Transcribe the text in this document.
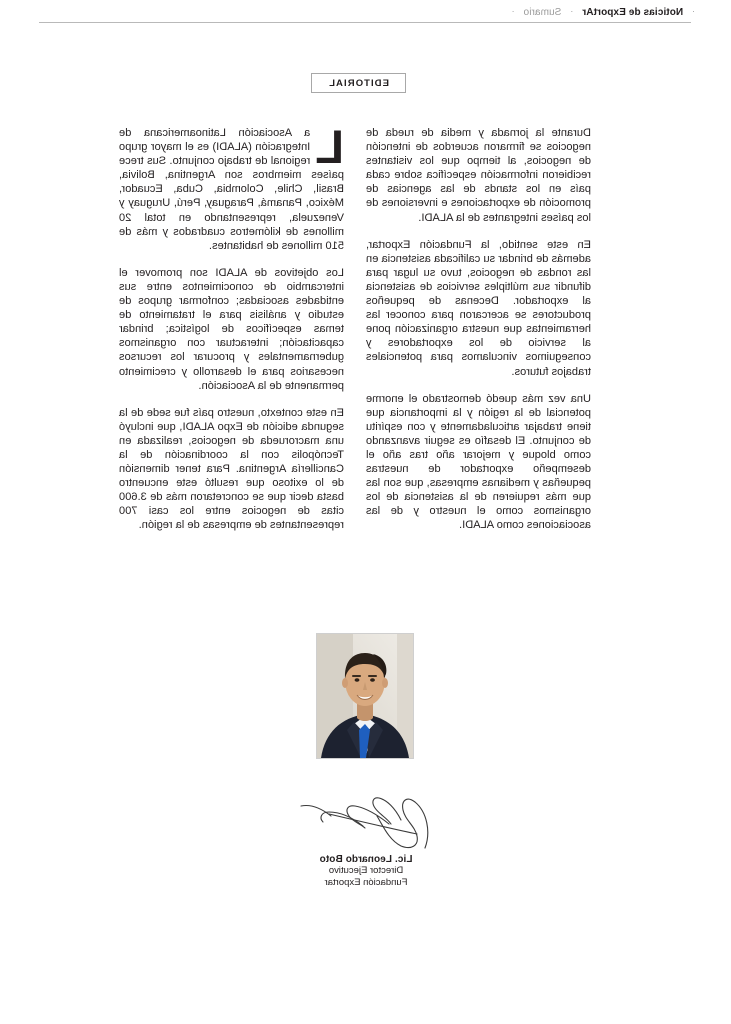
·
Noticias de ExportAr
·
Sumario
·
EDITORIAL

La Asociación Latinoamericana de Integración (ALADI) es el mayor grupo regional de trabajo conjunto. Sus trece países miembros son Argentina, Bolivia, Brasil, Chile, Colombia, Cuba, Ecuador, México, Panamá, Paraguay, Perú, Uruguay y Venezuela, representando en total 20 millones de kilómetros cuadrados y más de 510 millones de habitantes.

Los objetivos de ALADI son promover el intercambio de conocimientos entre sus entidades asociadas; conformar grupos de estudio y análisis para el tratamiento de temas específicos de logística; brindar capacitación; interactuar con organismos gubernamentales y procurar los recursos necesarios para el desarrollo y crecimiento permanente de la Asociación.

En este contexto, nuestro país fue sede de la segunda edición de Expo ALADI, que incluyó una macrorueda de negocios, realizada en Tecnópolis con la coordinación de la Cancillería Argentina. Para tener dimensión de lo exitoso que resultó este encuentro basta decir que se concretaron más de 3.600 citas de negocios entre los casi 700 representantes de empresas de la región.

Durante la jornada y media de rueda de negocios se firmaron acuerdos de intención de negocios, al tiempo que los visitantes recibieron información específica sobre cada país en los stands de las agencias de promoción de exportaciones e inversiones de los países integrantes de la ALADI.

En este sentido, la Fundación Exportar, además de brindar su calificada asistencia en las rondas de negocios, tuvo su lugar para difundir sus múltiples servicios de asistencia al exportador. Decenas de pequeños productores se acercaron para conocer las herramientas que nuestra organización pone al servicio de los exportadores y conseguimos vinculamos para potenciales trabajos futuros.

Una vez más quedó demostrado el enorme potencial de la región y la importancia que tiene trabajar articuladamente y con espíritu de conjunto. El desafío es seguir avanzando como bloque y mejorar año tras año el desempeño exportador de nuestras pequeñas y medianas empresas, que son las que más requieren de la asistencia de los organismos como el nuestro y de las asociaciones como ALADI.

Lic. Leonardo Boto
Director Ejecutivo
Fundación Exportar
